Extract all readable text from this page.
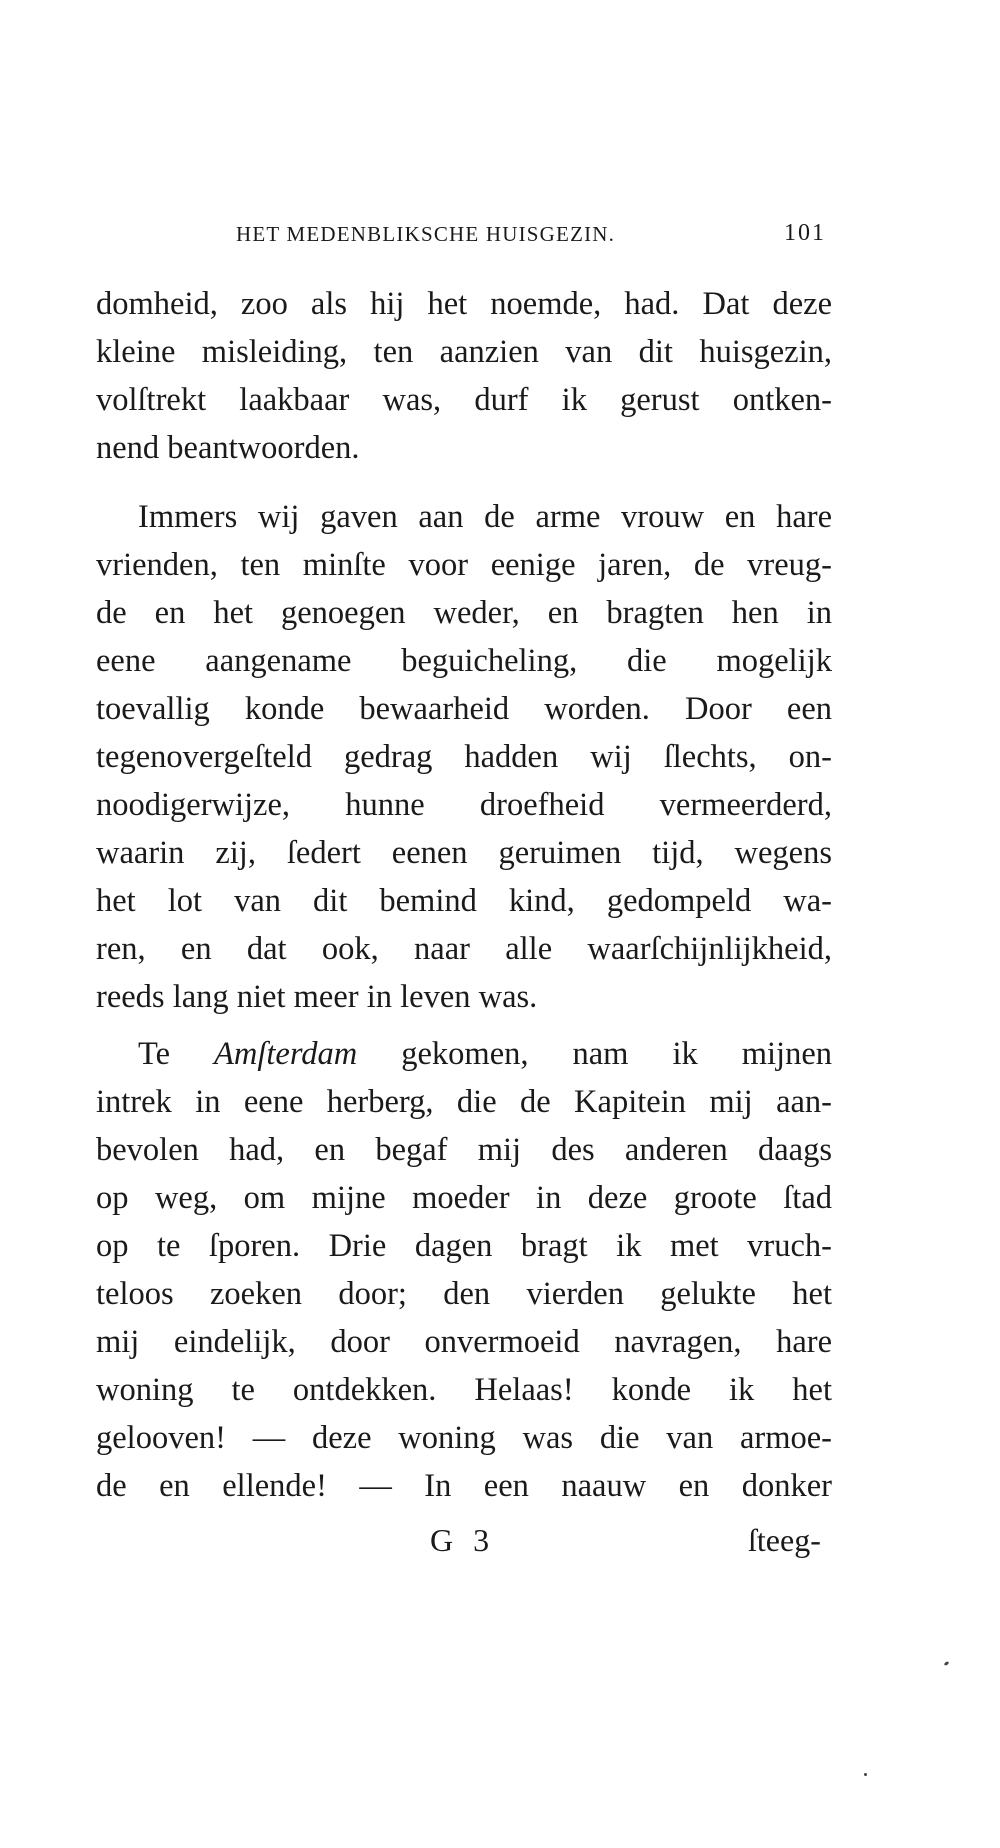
HET MEDENBLIKSCHE HUISGEZIN.	101
domheid, zoo als hij het noemde, had. Dat deze
kleine misleiding, ten aanzien van dit huisgezin,
volſtrekt laakbaar was, durf ik gerust ontken-
nend beantwoorden.
Immers wij gaven aan de arme vrouw en hare
vrienden, ten minſte voor eenige jaren, de vreug-
de en het genoegen weder, en bragten hen in
eene aangename beguicheling, die mogelijk
toevallig konde bewaarheid worden. Door een
tegenovergeſteld gedrag hadden wij ſlechts, on-
noodigerwijze, hunne droefheid vermeerderd,
waarin zij, ſedert eenen geruimen tijd, wegens
het lot van dit bemind kind, gedompeld wa-
ren, en dat ook, naar alle waarſchijnlijkheid,
reeds lang niet meer in leven was.
Te Amſterdam gekomen, nam ik mijnen
intrek in eene herberg, die de Kapitein mij aan-
bevolen had, en begaf mij des anderen daags
op weg, om mijne moeder in deze groote ſtad
op te ſporen. Drie dagen bragt ik met vruch-
teloos zoeken door; den vierden gelukte het
mij eindelijk, door onvermoeid navragen, hare
woning te ontdekken. Helaas! konde ik het
gelooven! — deze woning was die van armoe-
de en ellende! — In een naauw en donker
G 3	ſteeg-
